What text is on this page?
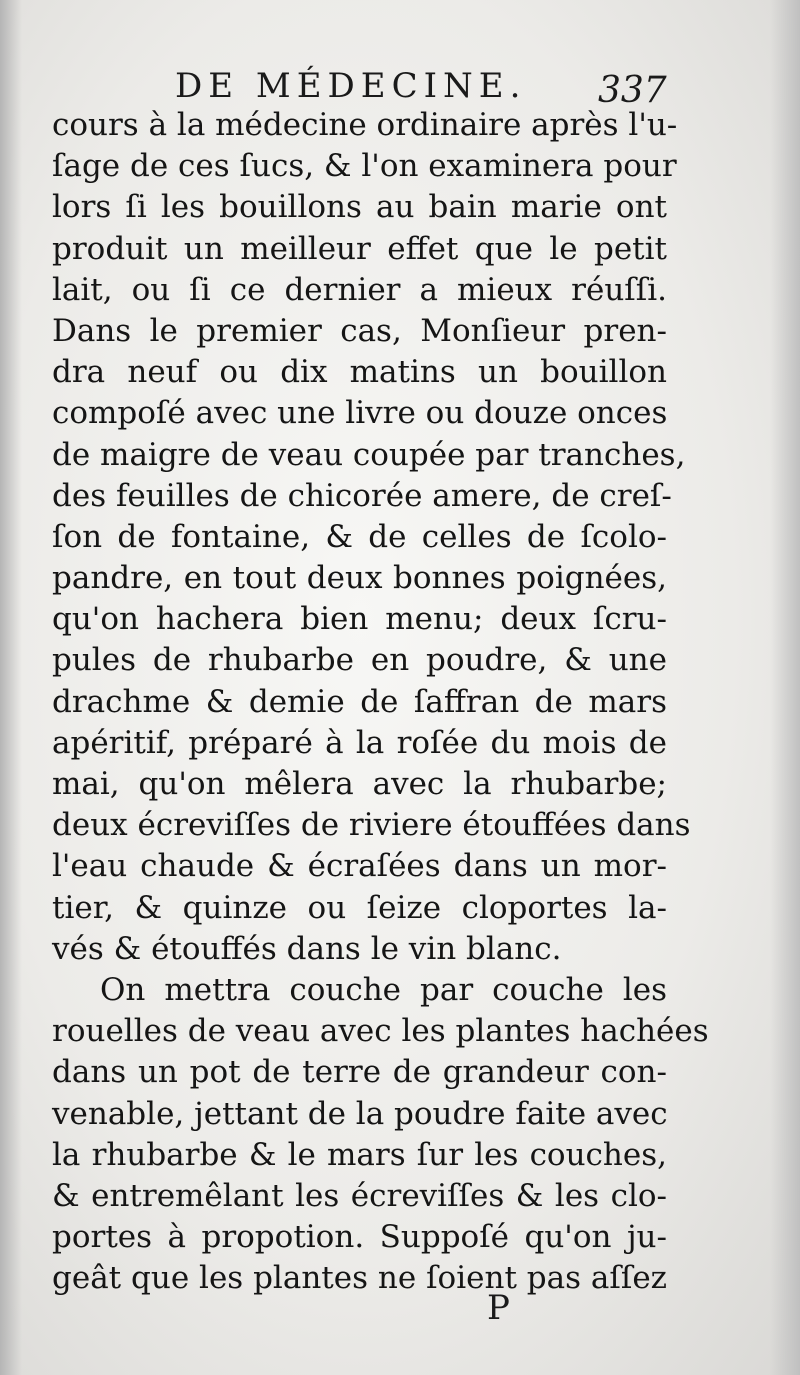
DE MÉDECINE. 337
cours à la médecine ordinaire après l'u-
ſage de ces ſucs, & l'on examinera pour
lors ſi les bouillons au bain marie ont
produit un meilleur effet que le petit
lait, ou ſi ce dernier a mieux réuſſi.
Dans le premier cas, Monſieur pren-
dra neuf ou dix matins un bouillon
compoſé avec une livre ou douze onces
de maigre de veau coupée par tranches,
des feuilles de chicorée amere, de creſ-
ſon de fontaine, & de celles de ſcolo-
pandre, en tout deux bonnes poignées,
qu'on hachera bien menu; deux ſcru-
pules de rhubarbe en poudre, & une
drachme & demie de ſaffran de mars
apéritif, préparé à la roſée du mois de
mai, qu'on mêlera avec la rhubarbe;
deux écreviſſes de riviere étouffées dans
l'eau chaude & écraſées dans un mor-
tier, & quinze ou ſeize cloportes la-
vés & étouffés dans le vin blanc.
On mettra couche par couche les
rouelles de veau avec les plantes hachées
dans un pot de terre de grandeur con-
venable, jettant de la poudre faite avec
la rhubarbe & le mars ſur les couches,
& entremêlant les écreviſſes & les clo-
portes à propotion. Suppoſé qu'on ju-
geât que les plantes ne ſoient pas aſſez
P
